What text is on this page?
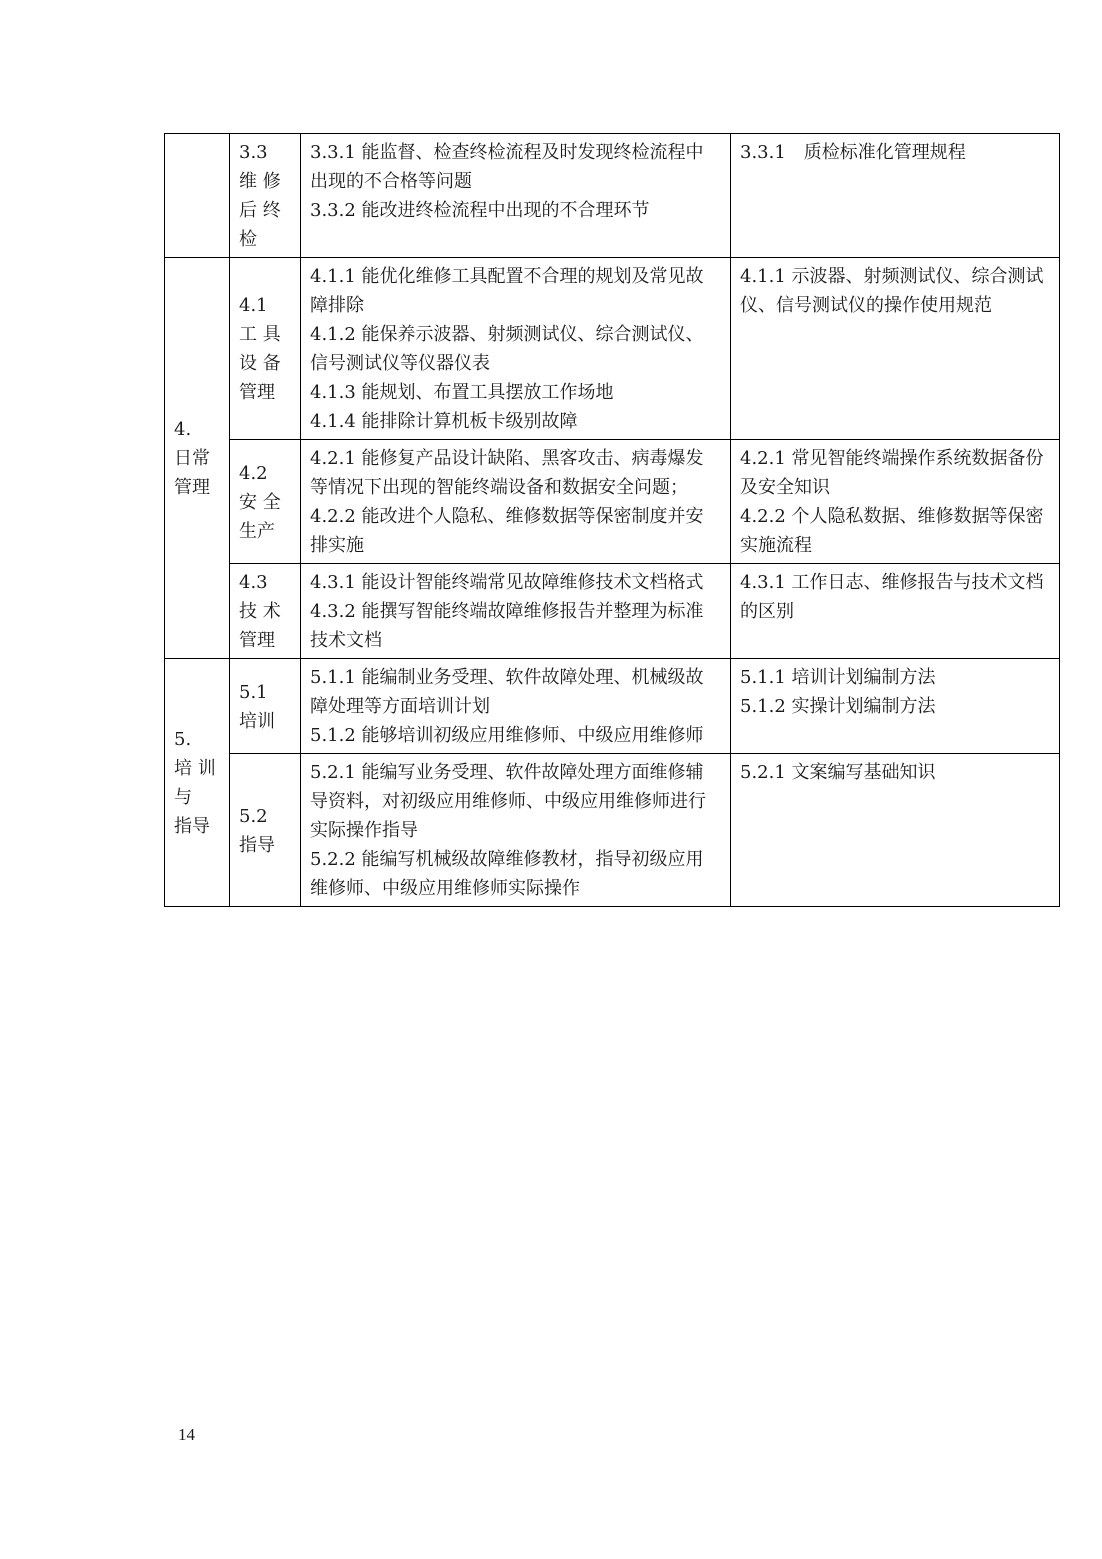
	3.3
维 修
后 终
检	3.3.1 能监督、检查终检流程及时发现终检流程中出现的不合格等问题
3.3.2 能改进终检流程中出现的不合理环节	3.3.1　质检标准化管理规程

4.
日常
管理	4.1
工 具
设 备
管理	4.1.1 能优化维修工具配置不合理的规划及常见故障排除
4.1.2 能保养示波器、射频测试仪、综合测试仪、信号测试仪等仪器仪表
4.1.3 能规划、布置工具摆放工作场地
4.1.4 能排除计算机板卡级别故障	4.1.1 示波器、射频测试仪、综合测试仪、信号测试仪的操作使用规范

	4.2
安 全
生产	4.2.1 能修复产品设计缺陷、黑客攻击、病毒爆发等情况下出现的智能终端设备和数据安全问题；
4.2.2 能改进个人隐私、维修数据等保密制度并安排实施	4.2.1 常见智能终端操作系统数据备份及安全知识
4.2.2 个人隐私数据、维修数据等保密实施流程

	4.3
技 术
管理	4.3.1 能设计智能终端常见故障维修技术文档格式
4.3.2 能撰写智能终端故障维修报告并整理为标准技术文档	4.3.1 工作日志、维修报告与技术文档的区别

5.
培 训
与
指导	5.1
培训	5.1.1 能编制业务受理、软件故障处理、机械级故障处理等方面培训计划
5.1.2 能够培训初级应用维修师、中级应用维修师	5.1.1 培训计划编制方法
5.1.2 实操计划编制方法

	5.2
指导	5.2.1 能编写业务受理、软件故障处理方面维修辅导资料，对初级应用维修师、中级应用维修师进行实际操作指导
5.2.2 能编写机械级故障维修教材，指导初级应用维修师、中级应用维修师实际操作	5.2.1 文案编写基础知识
14
